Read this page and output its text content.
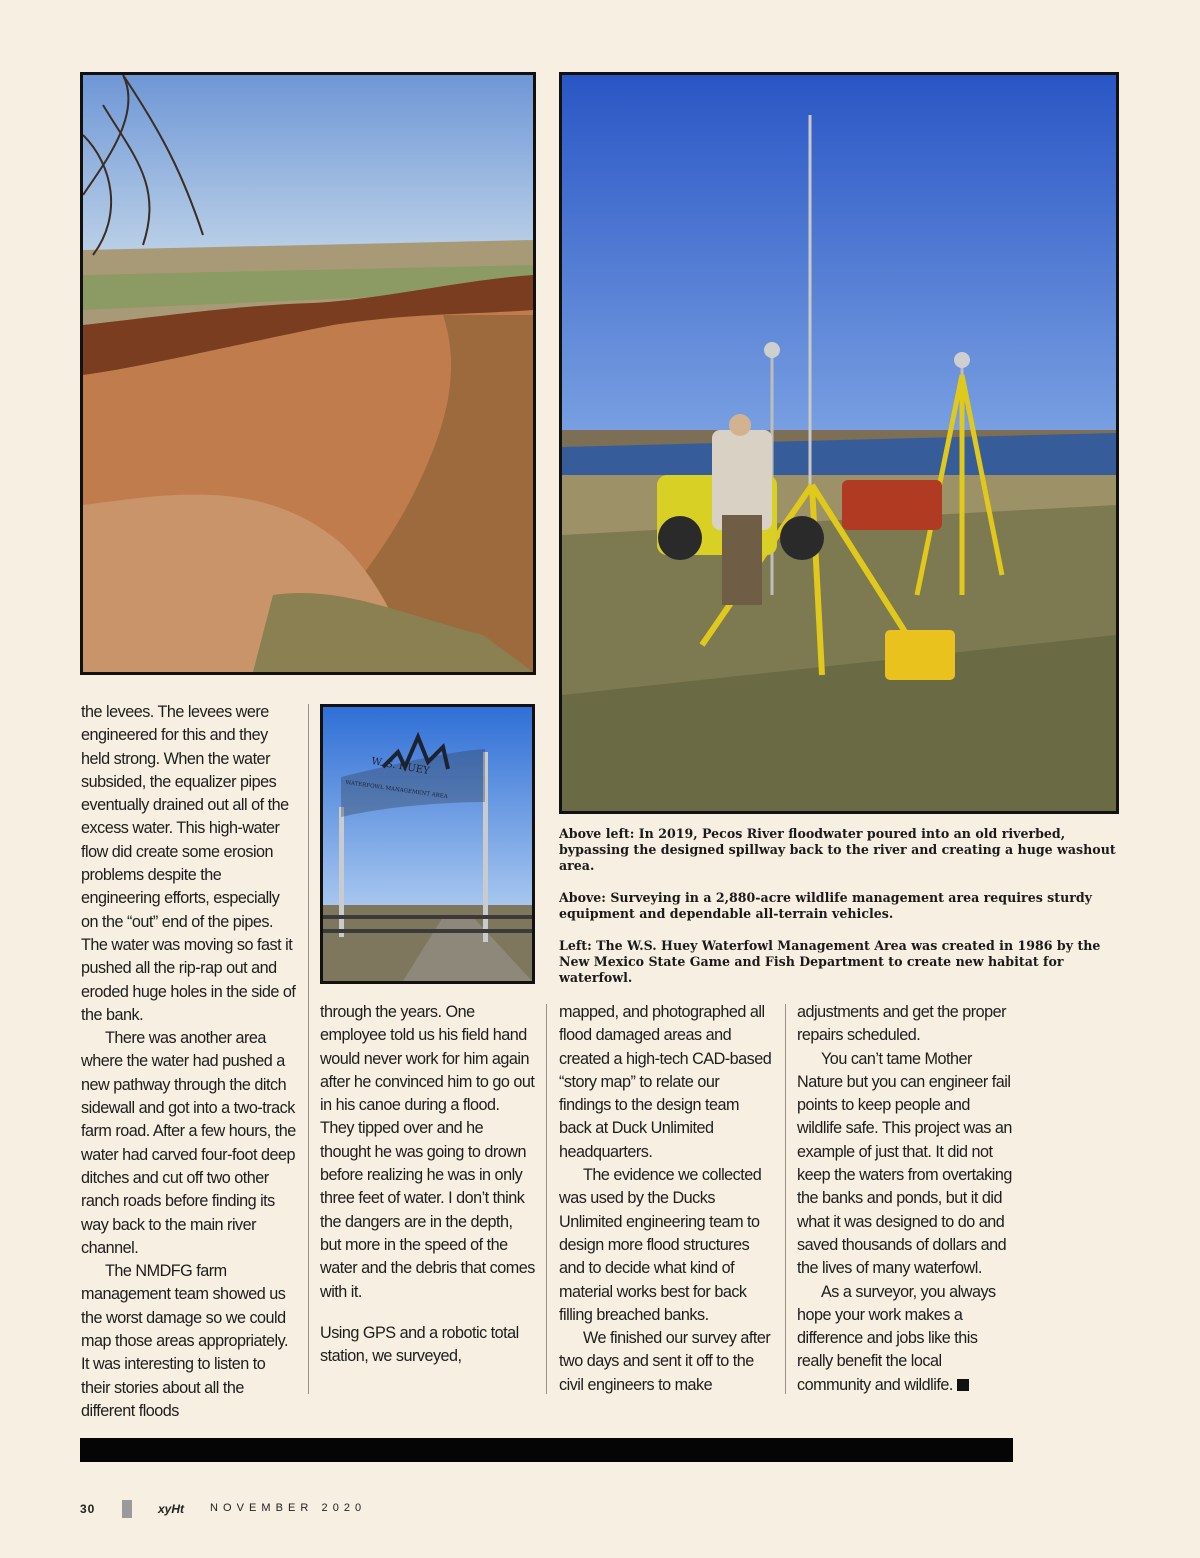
W. S. HUEY
WATERFOWL MANAGEMENT AREA

the levees. The levees were engineered for this and they held strong. When the water subsided, the equalizer pipes eventually drained out all of the excess water. This high-water flow did create some erosion problems despite the engineering efforts, especially on the “out” end of the pipes. The water was moving so fast it pushed all the rip-rap out and eroded huge holes in the side of the bank.

There was another area where the water had pushed a new pathway through the ditch sidewall and got into a two-track farm road. After a few hours, the water had carved four-foot deep ditches and cut off two other ranch roads before finding its way back to the main river channel.

The NMDFG farm management team showed us the worst damage so we could map those areas appropriately. It was interesting to listen to their stories about all the different floods

through the years. One employee told us his field hand would never work for him again after he convinced him to go out in his canoe during a flood. They tipped over and he thought he was going to drown before realizing he was in only three feet of water. I don’t think the dangers are in the depth, but more in the speed of the water and the debris that comes with it.

Using GPS and a robotic total station, we surveyed,

mapped, and photographed all flood damaged areas and created a high-tech CAD-based “story map” to relate our findings to the design team back at Duck Unlimited headquarters.

The evidence we collected was used by the Ducks Unlimited engineering team to design more flood structures and to decide what kind of material works best for back filling breached banks.

We finished our survey after two days and sent it off to the civil engineers to make

adjustments and get the proper repairs scheduled.

You can’t tame Mother Nature but you can engineer fail points to keep people and wildlife safe. This project was an example of just that. It did not keep the waters from overtaking the banks and ponds, but it did what it was designed to do and saved thousands of dollars and the lives of many waterfowl.

As a surveyor, you always hope your work makes a difference and jobs like this really benefit the local community and wildlife.

Above left: In 2019, Pecos River floodwater poured into an old riverbed, bypassing the designed spillway back to the river and creating a huge washout area.

Above: Surveying in a 2,880-acre wildlife management area requires sturdy equipment and dependable all-terrain vehicles.

Left: The W.S. Huey Waterfowl Management Area was created in 1986 by the New Mexico State Game and Fish Department to create new habitat for waterfowl.

30	xyHt N O V E M B E R   2 0 2 0
